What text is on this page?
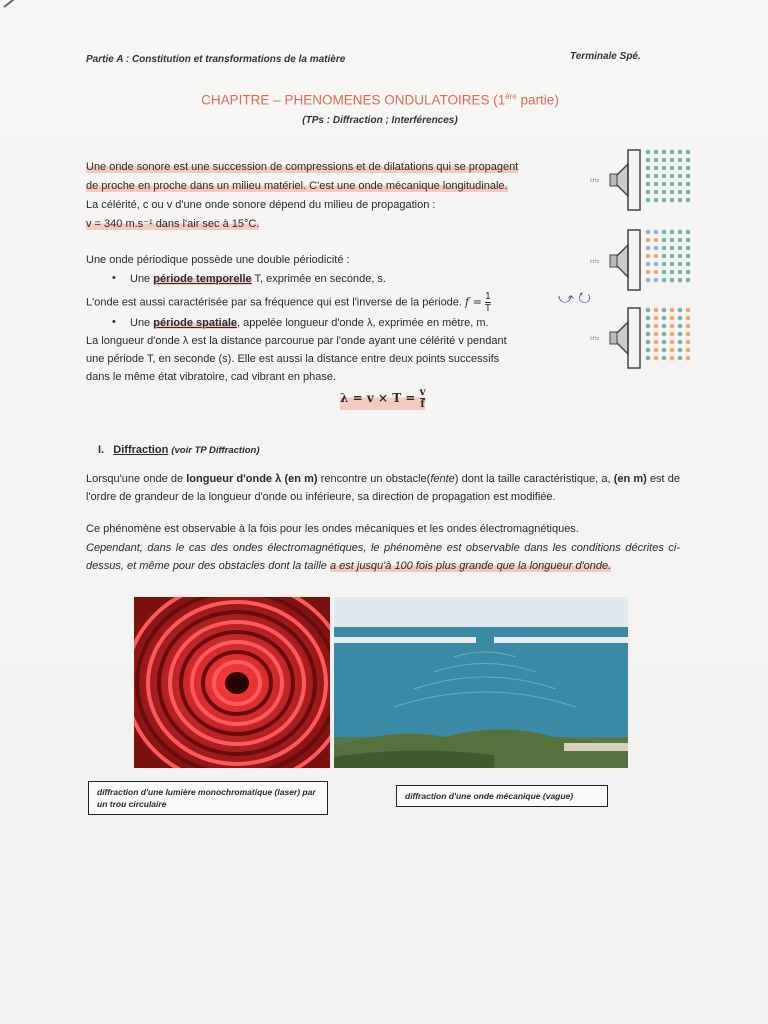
Partie A : Constitution et transformations de la matière	Terminale Spé.
CHAPITRE – PHENOMENES ONDULATOIRES (1ère partie)
(TPs : Diffraction ; Interférences)
Une onde sonore est une succession de compressions et de dilatations qui se propagent
de proche en proche dans un milieu matériel. C'est une onde mécanique longitudinale.
La célérité, c ou v d'une onde sonore dépend du milieu de propagation :
v = 340 m.s⁻¹ dans l'air sec à 15°C.
Une onde périodique possède une double périodicité :
• Une période temporelle T, exprimée en seconde, s.
L'onde est aussi caractérisée par sa fréquence qui est l'inverse de la période. $f = \frac{1}{T}$	⤻ ↻
• Une période spatiale, appelée longueur d'onde λ, exprimée en mètre, m.
La longueur d'onde λ est la distance parcourue par l'onde ayant une célérité v pendant
une période T, en seconde (s). Elle est aussi la distance entre deux points successifs
dans le même état vibratoire, cad vibrant en phase.
$\lambda = v \times T = \frac{v}{f}$
kHz
kHz
kHz
I. Diffraction (voir TP Diffraction)
Lorsqu'une onde de longueur d'onde λ (en m) rencontre un obstacle(fente) dont la taille caractéristique, a, (en m) est de l'ordre de grandeur de la longueur d'onde ou inférieure, sa direction de propagation est modifiée.
Ce phénomène est observable à la fois pour les ondes mécaniques et les ondes électromagnétiques.
Cependant, dans le cas des ondes électromagnétiques, le phénomène est observable dans les conditions décrites ci-dessus, et même pour des obstacles dont la taille a est jusqu'à 100 fois plus grande que la longueur d'onde.
diffraction d'une lumière monochromatique (laser) par un trou circulaire
diffraction d'une onde mécanique (vague)
